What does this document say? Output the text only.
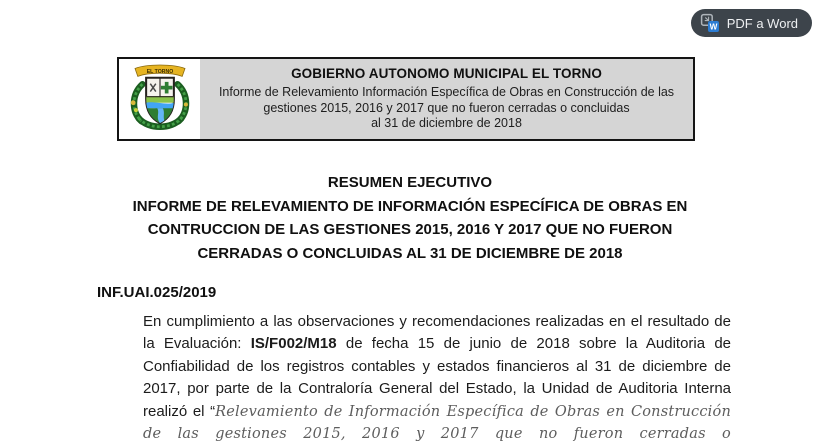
W PDF a Word
EL TORNO	GOBIERNO AUTONOMO MUNICIPAL EL TORNO
Informe de Relevamiento Información Específica de Obras en Construcción de las
gestiones 2015, 2016 y 2017 que no fueron cerradas o concluidas
al 31 de diciembre de 2018
RESUMEN EJECUTIVO
INFORME DE RELEVAMIENTO DE INFORMACIÓN ESPECÍFICA DE OBRAS EN
CONTRUCCION DE LAS GESTIONES 2015, 2016 Y 2017 QUE NO FUERON
CERRADAS O CONCLUIDAS AL 31 DE DICIEMBRE DE 2018
INF.UAI.025/2019

En cumplimiento a las observaciones y recomendaciones realizadas en el resultado de la Evaluación: IS/F002/M18 de fecha 15 de junio de 2018 sobre la Auditoria de Confiabilidad de los registros contables y estados financieros al 31 de diciembre de 2017, por parte de la Contraloría General del Estado, la Unidad de Auditoria Interna realizó el “Relevamiento de Información Específica de Obras en Construcción de las gestiones 2015, 2016 y 2017 que no fueron cerradas o
